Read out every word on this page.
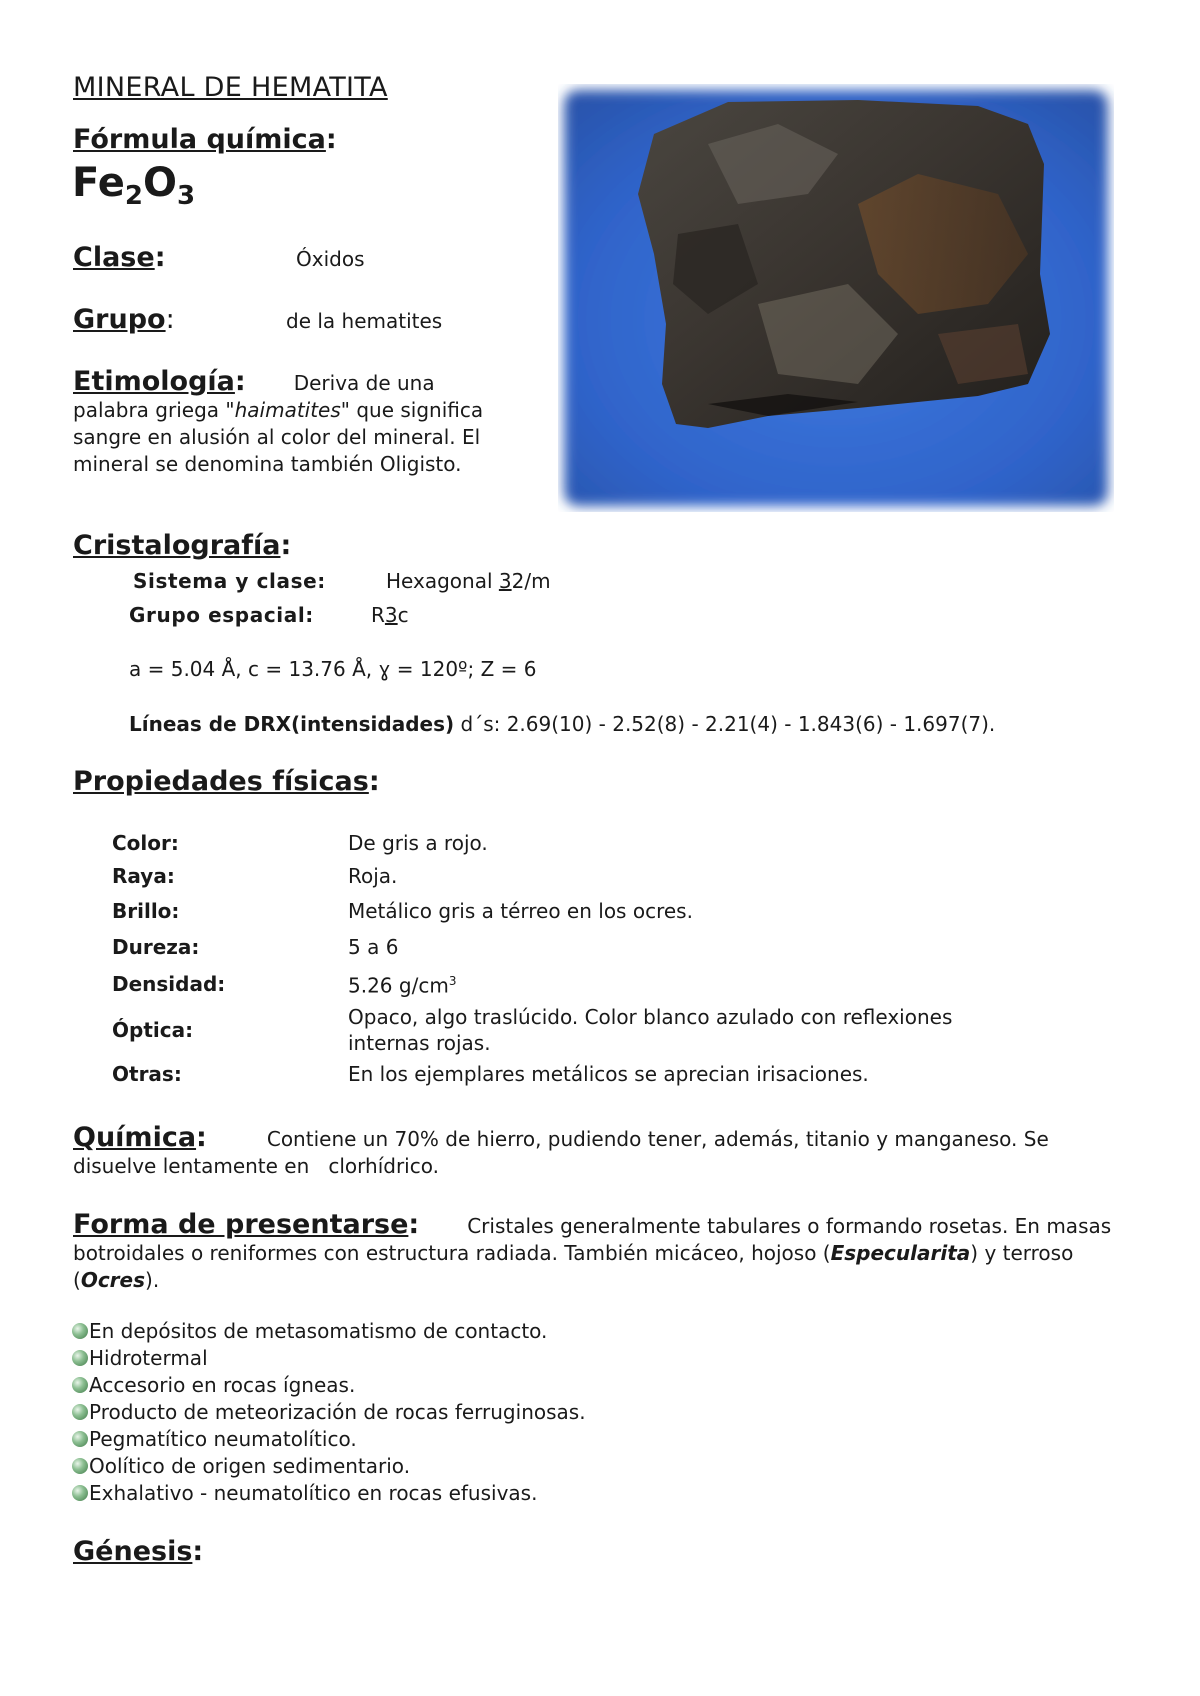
MINERAL DE HEMATITA
Fórmula química:
$Fe_2O_3$
Clase:	Óxidos
Grupo:	de la hematites
Etimología: Deriva de una palabra griega "haimatites" que significa sangre en alusión al color del mineral. El mineral se denomina también Oligisto.
Cristalografía:
Sistema y clase:	Hexagonal 32/m
Grupo espacial:	R3c
a = 5.04 Å, c = 13.76 Å, ɣ = 120º; Z = 6
Líneas de DRX(intensidades) d´s: 2.69(10) - 2.52(8) - 2.21(4) - 1.843(6) - 1.697(7).
Propiedades físicas:
Color:	De gris a rojo.
Raya:	Roja.
Brillo:	Metálico gris a térreo en los ocres.
Dureza:	5 a 6
Densidad:	5.26 $g/cm^3$
Óptica:	Opaco, algo traslúcido. Color blanco azulado con reflexiones internas rojas.
Otras:	En los ejemplares metálicos se aprecian irisaciones.
Química:	Contiene un 70% de hierro, pudiendo tener, además, titanio y manganeso. Se disuelve lentamente en   clorhídrico.
Forma de presentarse: Cristales generalmente tabulares o formando rosetas. En masas botroidales o reniformes con estructura radiada. También micáceo, hojoso (Especularita) y terroso (Ocres).
En depósitos de metasomatismo de contacto.
Hidrotermal
Accesorio en rocas ígneas.
Producto de meteorización de rocas ferruginosas.
Pegmatítico neumatolítico.
Oolítico de origen sedimentario.
Exhalativo - neumatolítico en rocas efusivas.
Génesis:
